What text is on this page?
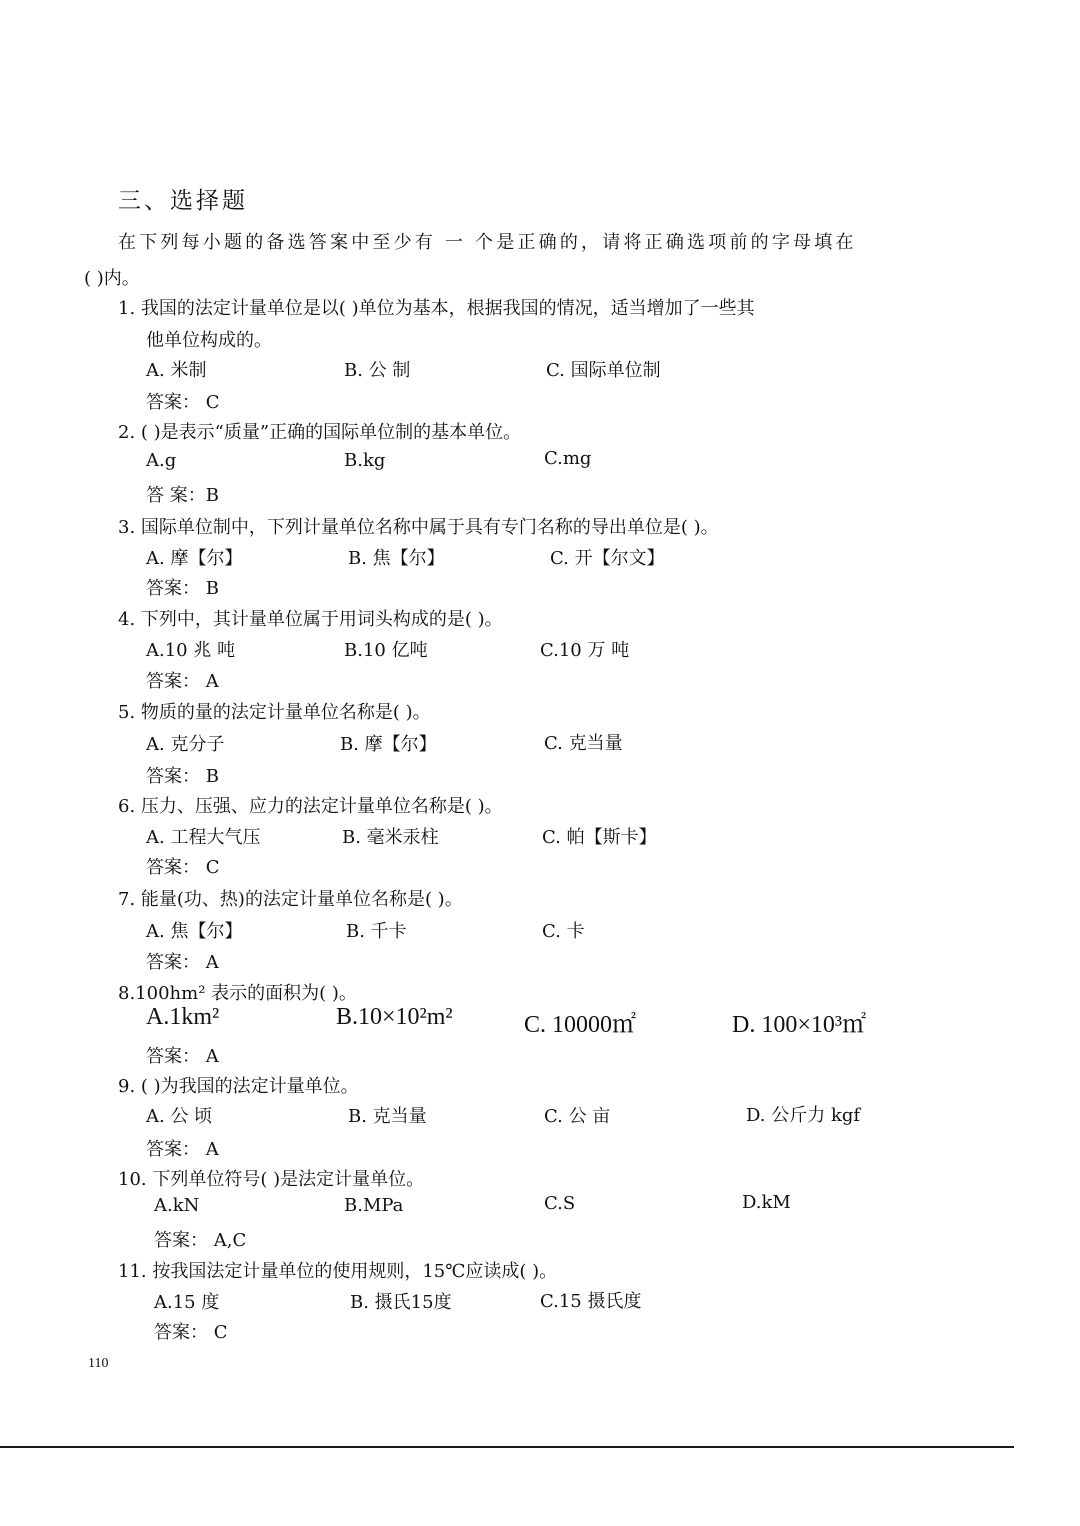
三、选择题
在下列每小题的备选答案中至少有 一 个是正确的，请将正确选项前的字母填在
( )内。
1. 我国的法定计量单位是以( )单位为基本，根据我国的情况，适当增加了一些其
他单位构成的。
A. 米制	B. 公 制	C. 国际单位制
答案： C
2. ( )是表示“质量”正确的国际单位制的基本单位。
A.g	B.kg	C.mg
答 案：B
3. 国际单位制中，下列计量单位名称中属于具有专门名称的导出单位是( )。
A. 摩【尔】	B. 焦【尔】	C. 开【尔文】
答案： B
4. 下列中，其计量单位属于用词头构成的是( )。
A.10 兆 吨	B.10 亿吨	C.10 万 吨
答案： A
5. 物质的量的法定计量单位名称是( )。
A. 克分子	B. 摩【尔】	C. 克当量
答案： B
6. 压力、压强、应力的法定计量单位名称是( )。
A. 工程大气压	B. 毫米汞柱	C. 帕【斯卡】
答案： C
7. 能量(功、热)的法定计量单位名称是( )。
A. 焦【尔】	B. 千卡	C. 卡
答案： A
8.100hm² 表示的面积为( )。
A.1km²	B.10×10²m²	C. 10000㎡	D. 100×10³㎡
答案： A
9. ( )为我国的法定计量单位。
A. 公 顷	B. 克当量	C. 公 亩	D. 公斤力 kgf
答案： A
10. 下列单位符号( )是法定计量单位。
A.kN	B.MPa	C.S	D.kM
答案： A,C
11. 按我国法定计量单位的使用规则，15℃应读成( )。
A.15 度	B. 摄氏15度	C.15 摄氏度
答案： C
110
